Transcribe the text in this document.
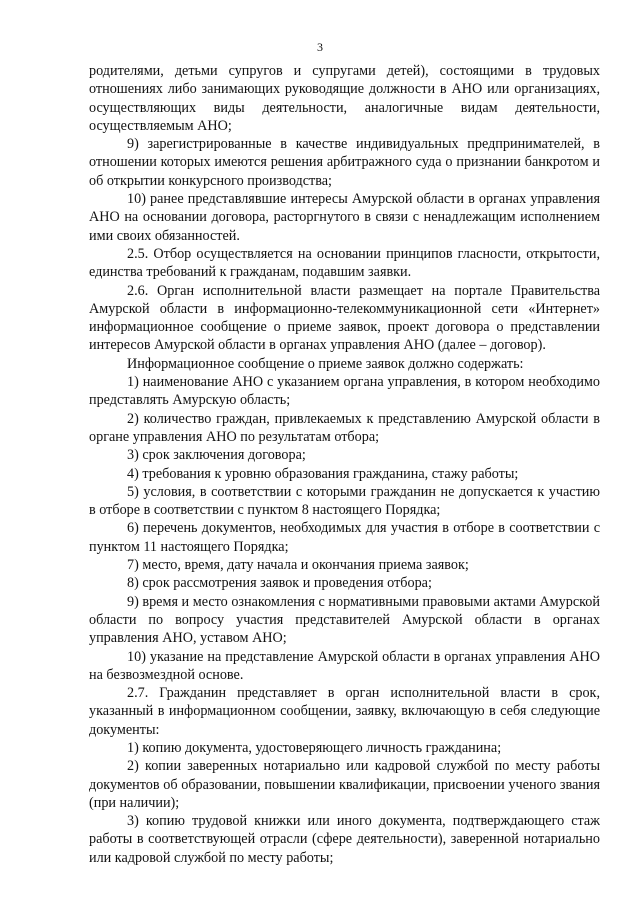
3

родителями, детьми супругов и супругами детей), состоящими в трудовых отношениях либо занимающих руководящие должности в АНО или организациях, осуществляющих виды деятельности, аналогичные видам деятельности, осуществляемым АНО;

9) зарегистрированные в качестве индивидуальных предпринимателей, в отношении которых имеются решения арбитражного суда о признании банкротом и об открытии конкурсного производства;

10) ранее представлявшие интересы Амурской области в органах управления АНО на основании договора, расторгнутого в связи с ненадлежащим исполнением ими своих обязанностей.

2.5. Отбор осуществляется на основании принципов гласности, открытости, единства требований к гражданам, подавшим заявки.

2.6. Орган исполнительной власти размещает на портале Правительства Амурской области в информационно-телекоммуникационной сети «Интернет» информационное сообщение о приеме заявок, проект договора о представлении интересов Амурской области в органах управления АНО (далее – договор).

Информационное сообщение о приеме заявок должно содержать:

1) наименование АНО с указанием органа управления, в котором необходимо представлять Амурскую область;

2) количество граждан, привлекаемых к представлению Амурской области в органе управления АНО по результатам отбора;

3) срок заключения договора;

4) требования к уровню образования гражданина, стажу работы;

5) условия, в соответствии с которыми гражданин не допускается к участию в отборе в соответствии с пунктом 8 настоящего Порядка;

6) перечень документов, необходимых для участия в отборе в соответствии с пунктом 11 настоящего Порядка;

7) место, время, дату начала и окончания приема заявок;

8) срок рассмотрения заявок и проведения отбора;

9) время и место ознакомления с нормативными правовыми актами Амурской области по вопросу участия представителей Амурской области в органах управления АНО, уставом АНО;

10) указание на представление Амурской области в органах управления АНО на безвозмездной основе.

2.7. Гражданин представляет в орган исполнительной власти в срок, указанный в информационном сообщении, заявку, включающую в себя следующие документы:

1) копию документа, удостоверяющего личность гражданина;

2) копии заверенных нотариально или кадровой службой по месту работы документов об образовании, повышении квалификации, присвоении ученого звания (при наличии);

3) копию трудовой книжки или иного документа, подтверждающего стаж работы в соответствующей отрасли (сфере деятельности), заверенной нотариально или кадровой службой по месту работы;
